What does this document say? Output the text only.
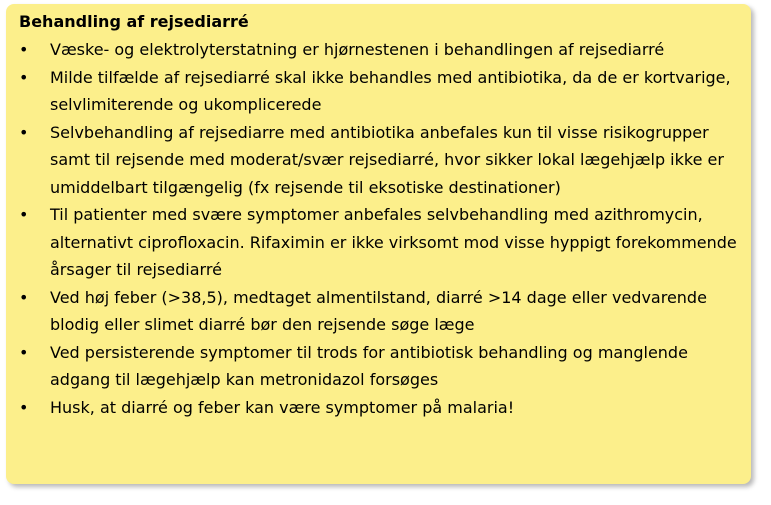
Behandling af rejsediarré
• Væske- og elektrolyterstatning er hjørnestenen i behandlingen af rejsediarré
• Milde tilfælde af rejsediarré skal ikke behandles med antibiotika, da de er kortvarige, selvlimiterende og ukomplicerede
• Selvbehandling af rejsediarre med antibiotika anbefales kun til visse risikogrupper samt til rejsende med moderat/svær rejsediarré, hvor sikker lokal lægehjælp ikke er umiddelbart tilgængelig (fx rejsende til eksotiske destinationer)
• Til patienter med svære symptomer anbefales selvbehandling med azithromycin, alternativt ciprofloxacin. Rifaximin er ikke virksomt mod visse hyppigt forekommende årsager til rejsediarré
• Ved høj feber (>38,5), medtaget almentilstand, diarré >14 dage eller vedvarende blodig eller slimet diarré bør den rejsende søge læge
• Ved persisterende symptomer til trods for antibiotisk behandling og manglende adgang til lægehjælp kan metronidazol forsøges
• Husk, at diarré og feber kan være symptomer på malaria!
